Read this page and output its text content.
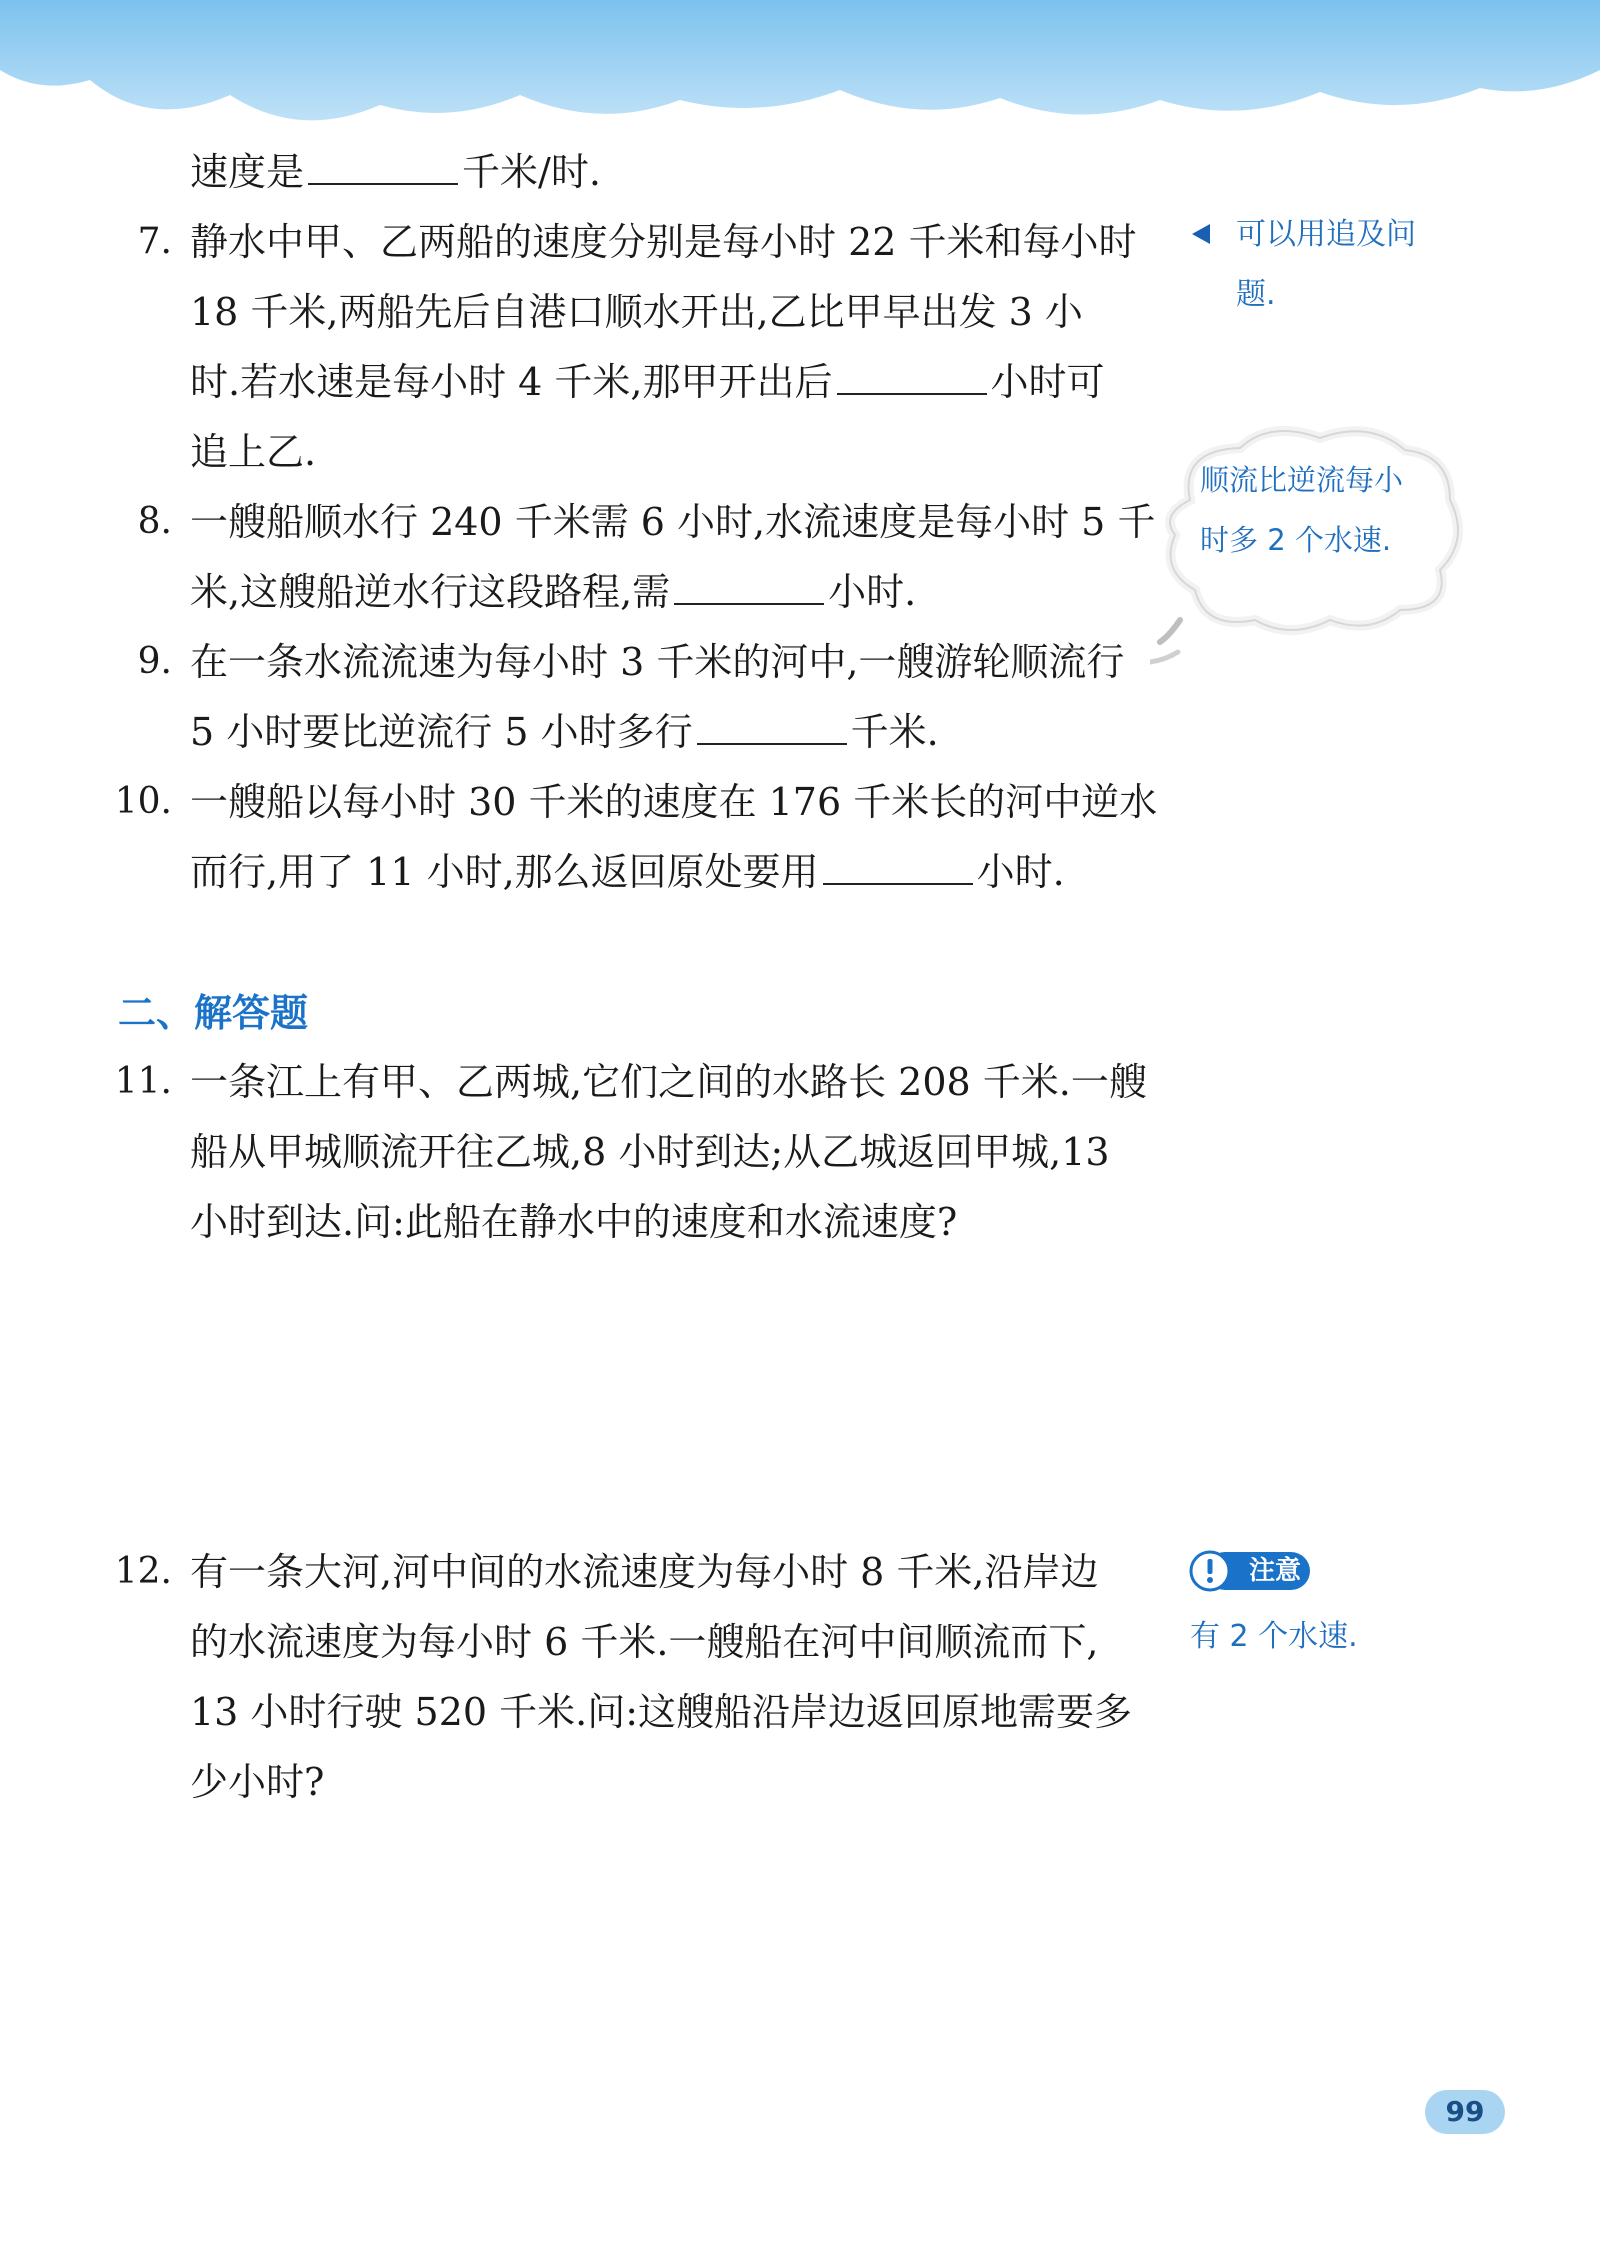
速度是	千米/时.
7. 静水中甲、乙两船的速度分别是每小时 22 千米和每小时
18 千米,两船先后自港口顺水开出,乙比甲早出发 3 小
时.若水速是每小时 4 千米,那甲开出后	小时可
追上乙.
8. 一艘船顺水行 240 千米需 6 小时,水流速度是每小时 5 千
米,这艘船逆水行这段路程,需	小时.
9. 在一条水流流速为每小时 3 千米的河中,一艘游轮顺流行
5 小时要比逆流行 5 小时多行	千米.
10. 一艘船以每小时 30 千米的速度在 176 千米长的河中逆水
而行,用了 11 小时,那么返回原处要用	小时.
二、解答题
11. 一条江上有甲、乙两城,它们之间的水路长 208 千米.一艘
船从甲城顺流开往乙城,8 小时到达;从乙城返回甲城,13
小时到达.问:此船在静水中的速度和水流速度?
12. 有一条大河,河中间的水流速度为每小时 8 千米,沿岸边
的水流速度为每小时 6 千米.一艘船在河中间顺流而下,
13 小时行驶 520 千米.问:这艘船沿岸边返回原地需要多
少小时?
可以用追及问
题.
顺流比逆流每小
时多 2 个水速.
注意
有 2 个水速.
99
